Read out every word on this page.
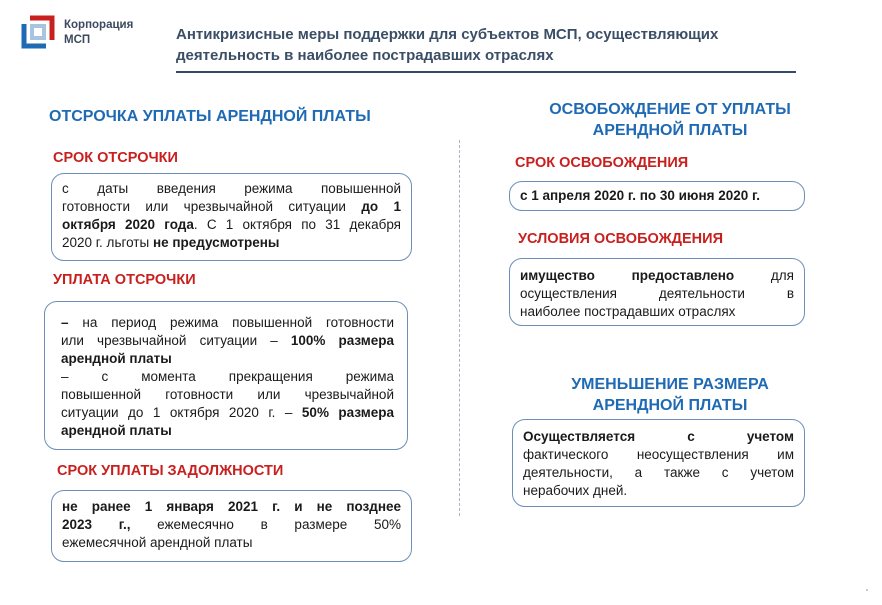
Корпорация
МСП	Антикризисные меры поддержки для субъектов МСП, осуществляющих
деятельность в наиболее пострадавших отраслях
ОТСРОЧКА УПЛАТЫ АРЕНДНОЙ ПЛАТЫ
СРОК ОТСРОЧКИ
с даты введения режима повышенной
готовности или чрезвычайной ситуации до 1
октября 2020 года. С 1 октября по 31 декабря
2020 г. льготы не предусмотрены
УПЛАТА ОТСРОЧКИ
– на период режима повышенной готовности
или чрезвычайной ситуации – 100% размера
арендной платы
– с момента прекращения режима
повышенной готовности или чрезвычайной
ситуации до 1 октября 2020 г. – 50% размера
арендной платы
СРОК УПЛАТЫ ЗАДОЛЖНОСТИ
не ранее 1 января 2021 г. и не позднее
2023 г., ежемесячно в размере 50%
ежемесячной арендной платы
ОСВОБОЖДЕНИЕ ОТ УПЛАТЫ
АРЕНДНОЙ ПЛАТЫ
СРОК ОСВОБОЖДЕНИЯ
с 1 апреля 2020 г. по 30 июня 2020 г.
УСЛОВИЯ ОСВОБОЖДЕНИЯ
имущество предоставлено для
осуществления деятельности в
наиболее пострадавших отраслях
УМЕНЬШЕНИЕ РАЗМЕРА
АРЕНДНОЙ ПЛАТЫ
Осуществляется с учетом
фактического неосуществления им
деятельности, а также с учетом
нерабочих дней.
